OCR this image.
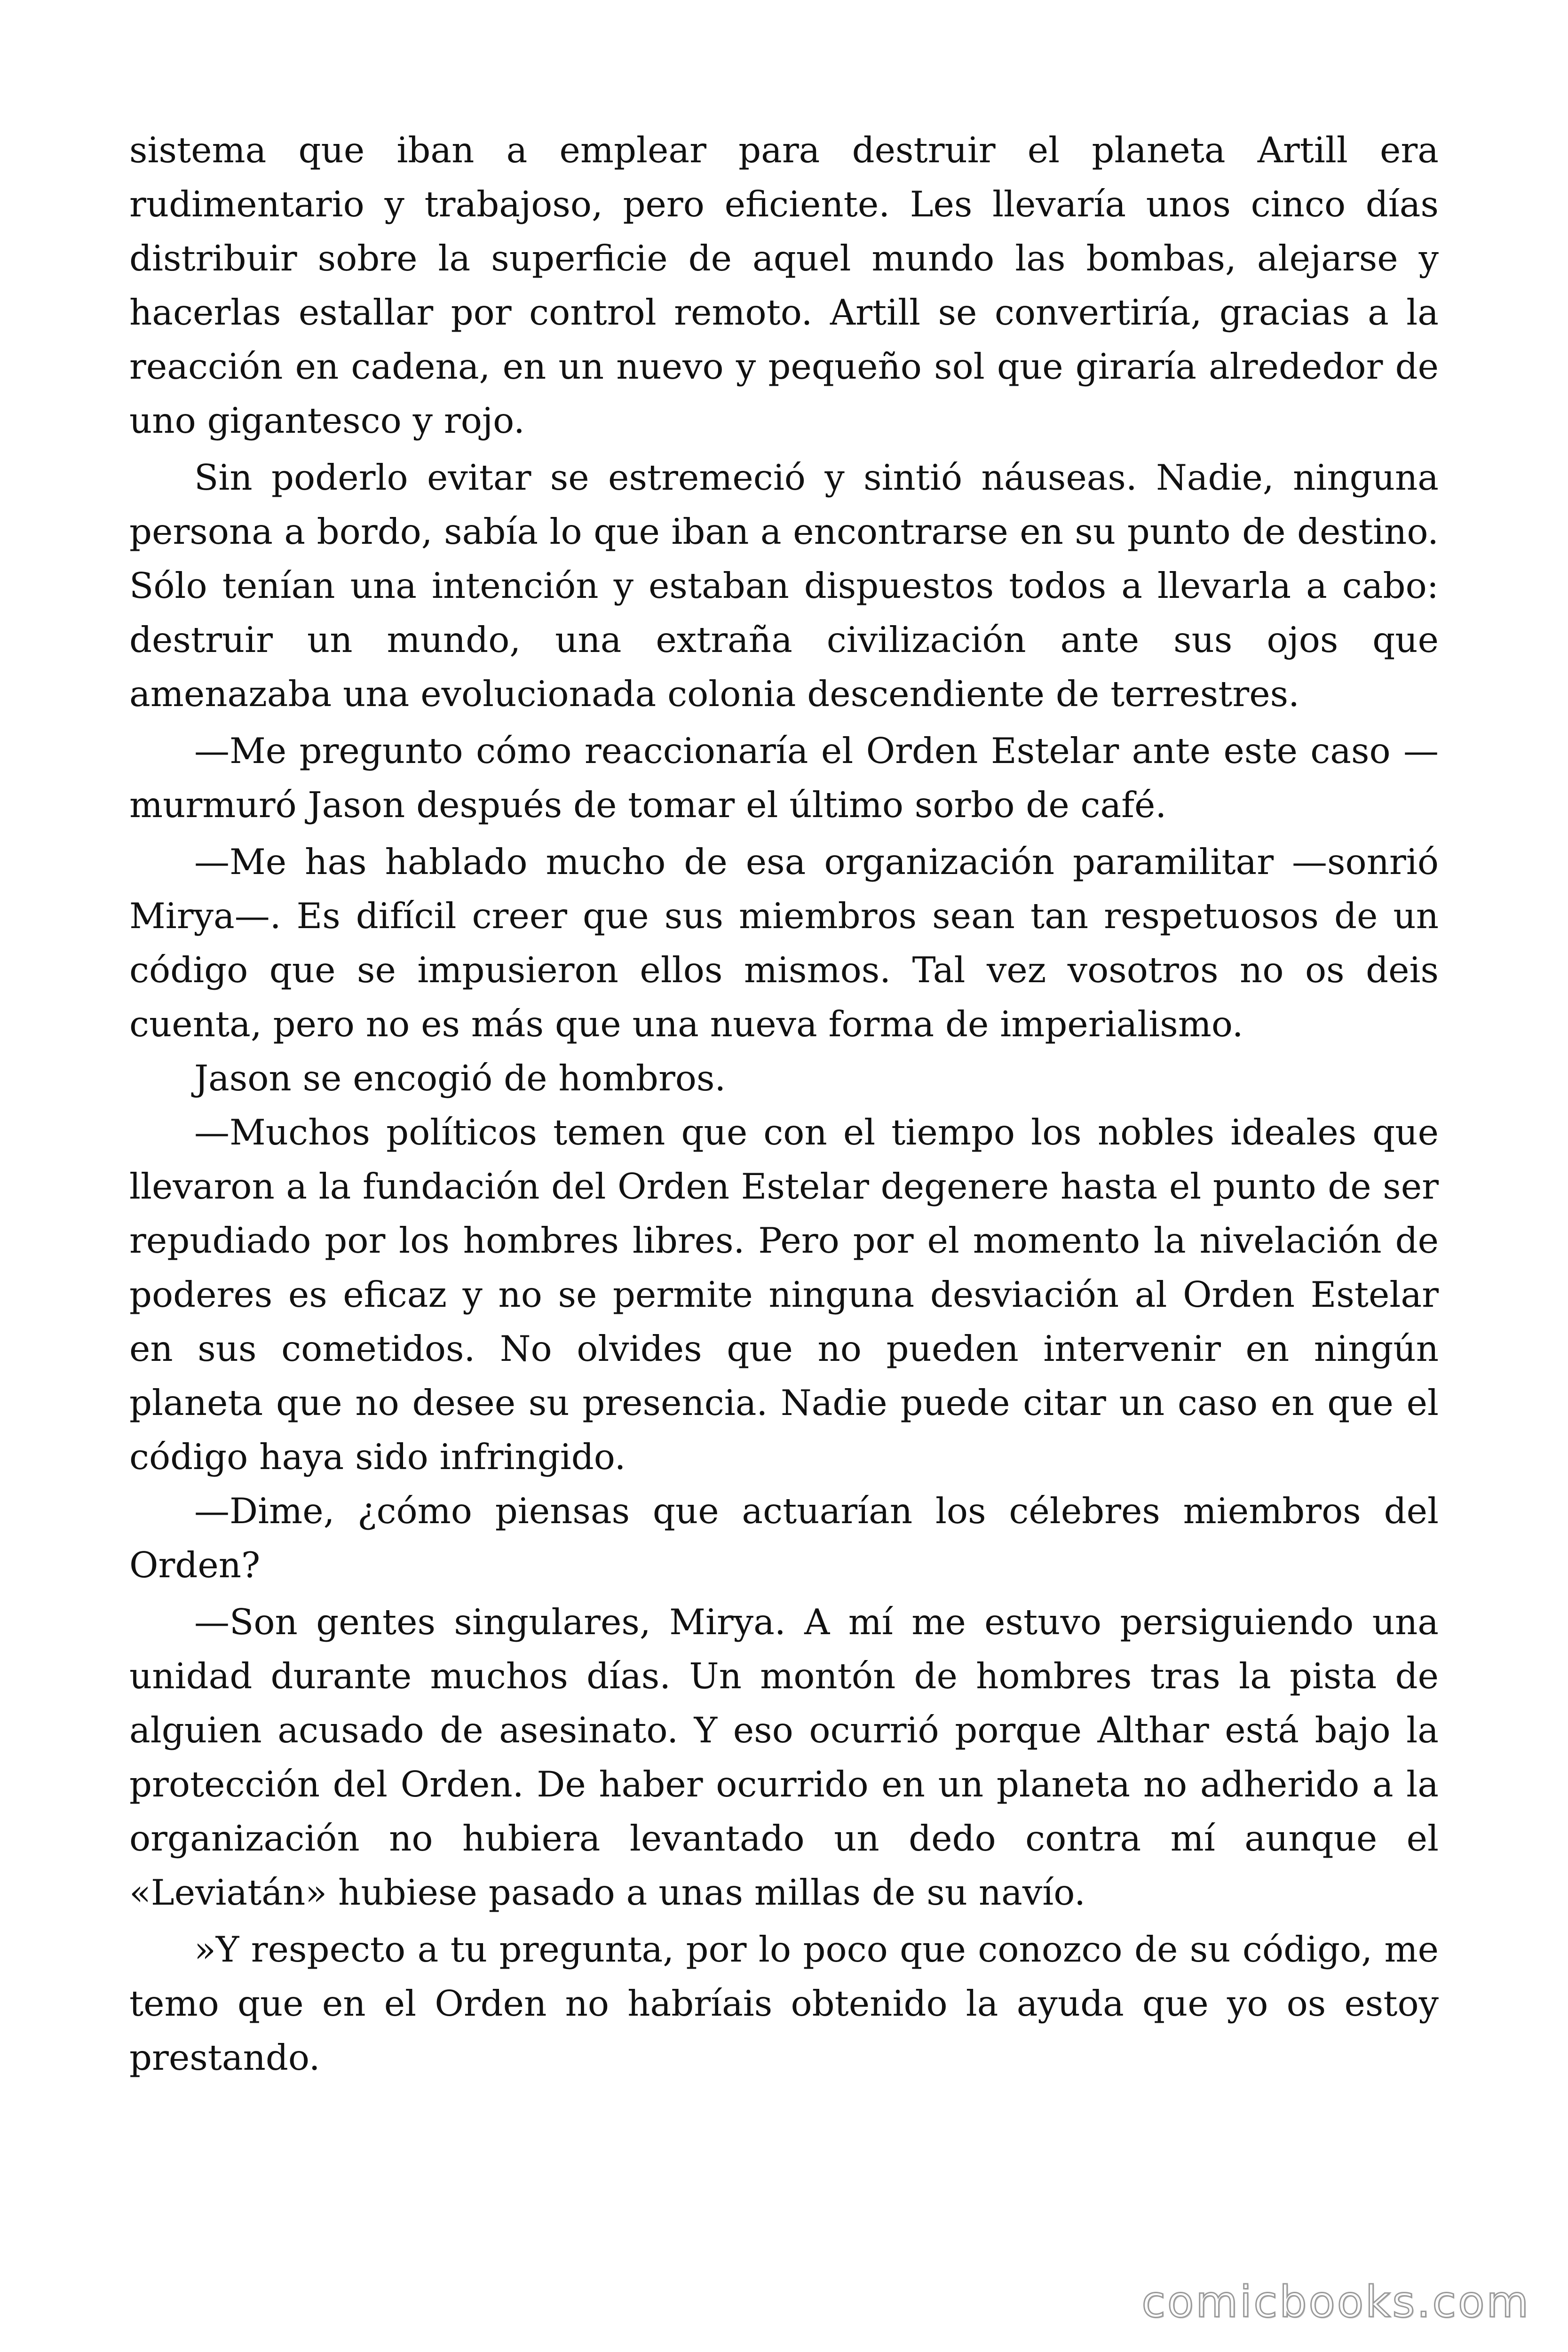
sistema que iban a emplear para destruir el planeta Artill era rudimentario y trabajoso, pero eficiente. Les llevaría unos cinco días distribuir sobre la superficie de aquel mundo las bombas, alejarse y hacerlas estallar por control remoto. Artill se convertiría, gracias a la reacción en cadena, en un nuevo y pequeño sol que giraría alrededor de uno gigantesco y rojo.

Sin poderlo evitar se estremeció y sintió náuseas. Nadie, ninguna persona a bordo, sabía lo que iban a encontrarse en su punto de destino. Sólo tenían una intención y estaban dispuestos todos a llevarla a cabo: destruir un mundo, una extraña civilización ante sus ojos que amenazaba una evolucionada colonia descendiente de terrestres.

—Me pregunto cómo reaccionaría el Orden Estelar ante este caso —murmuró Jason después de tomar el último sorbo de café.

—Me has hablado mucho de esa organización paramilitar —sonrió Mirya—. Es difícil creer que sus miembros sean tan respetuosos de un código que se impusieron ellos mismos. Tal vez vosotros no os deis cuenta, pero no es más que una nueva forma de imperialismo.

Jason se encogió de hombros.

—Muchos políticos temen que con el tiempo los nobles ideales que llevaron a la fundación del Orden Estelar degenere hasta el punto de ser repudiado por los hombres libres. Pero por el momento la nivelación de poderes es eficaz y no se permite ninguna desviación al Orden Estelar en sus cometidos. No olvides que no pueden intervenir en ningún planeta que no desee su presencia. Nadie puede citar un caso en que el código haya sido infringido.

—Dime, ¿cómo piensas que actuarían los célebres miembros del Orden?

—Son gentes singulares, Mirya. A mí me estuvo persiguiendo una unidad durante muchos días. Un montón de hombres tras la pista de alguien acusado de asesinato. Y eso ocurrió porque Althar está bajo la protección del Orden. De haber ocurrido en un planeta no adherido a la organización no hubiera levantado un dedo contra mí aunque el «Leviatán» hubiese pasado a unas millas de su navío.

»Y respecto a tu pregunta, por lo poco que conozco de su código, me temo que en el Orden no habríais obtenido la ayuda que yo os estoy prestando.

comicbooks.com
